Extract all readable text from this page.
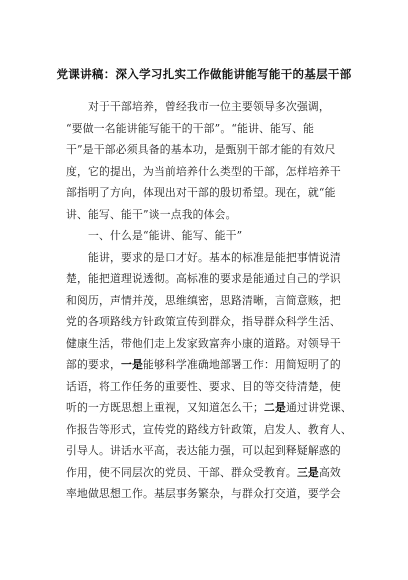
党课讲稿：深入学习扎实工作做能讲能写能干的基层干部
对于干部培养，曾经我市一位主要领导多次强调，
“要做一名能讲能写能干的干部”。“能讲、能写、能
干”是干部必须具备的基本功，是甄别干部才能的有效尺
度，它的提出，为当前培养什么类型的干部，怎样培养干
部指明了方向，体现出对干部的殷切希望。现在，就“能
讲、能写、能干”谈一点我的体会。
一、什么是“能讲、能写、能干”
能讲，要求的是口才好。基本的标准是能把事情说清
楚，能把道理说透彻。高标准的要求是能通过自己的学识
和阅历，声情并茂，思维缜密，思路清晰，言简意赅，把
党的各项路线方针政策宣传到群众，指导群众科学生活、
健康生活，带他们走上发家致富奔小康的道路。对领导干
部的要求，一是能够科学准确地部署工作：用简短明了的
话语，将工作任务的重要性、要求、目的等交待清楚，使
听的一方既思想上重视，又知道怎么干；二是通过讲党课、
作报告等形式，宣传党的路线方针政策，启发人、教育人、
引导人。讲话水平高，表达能力强，可以起到释疑解惑的
作用，使不同层次的党员、干部、群众受教育。三是高效
率地做思想工作。基层事务繁杂，与群众打交道，要学会
